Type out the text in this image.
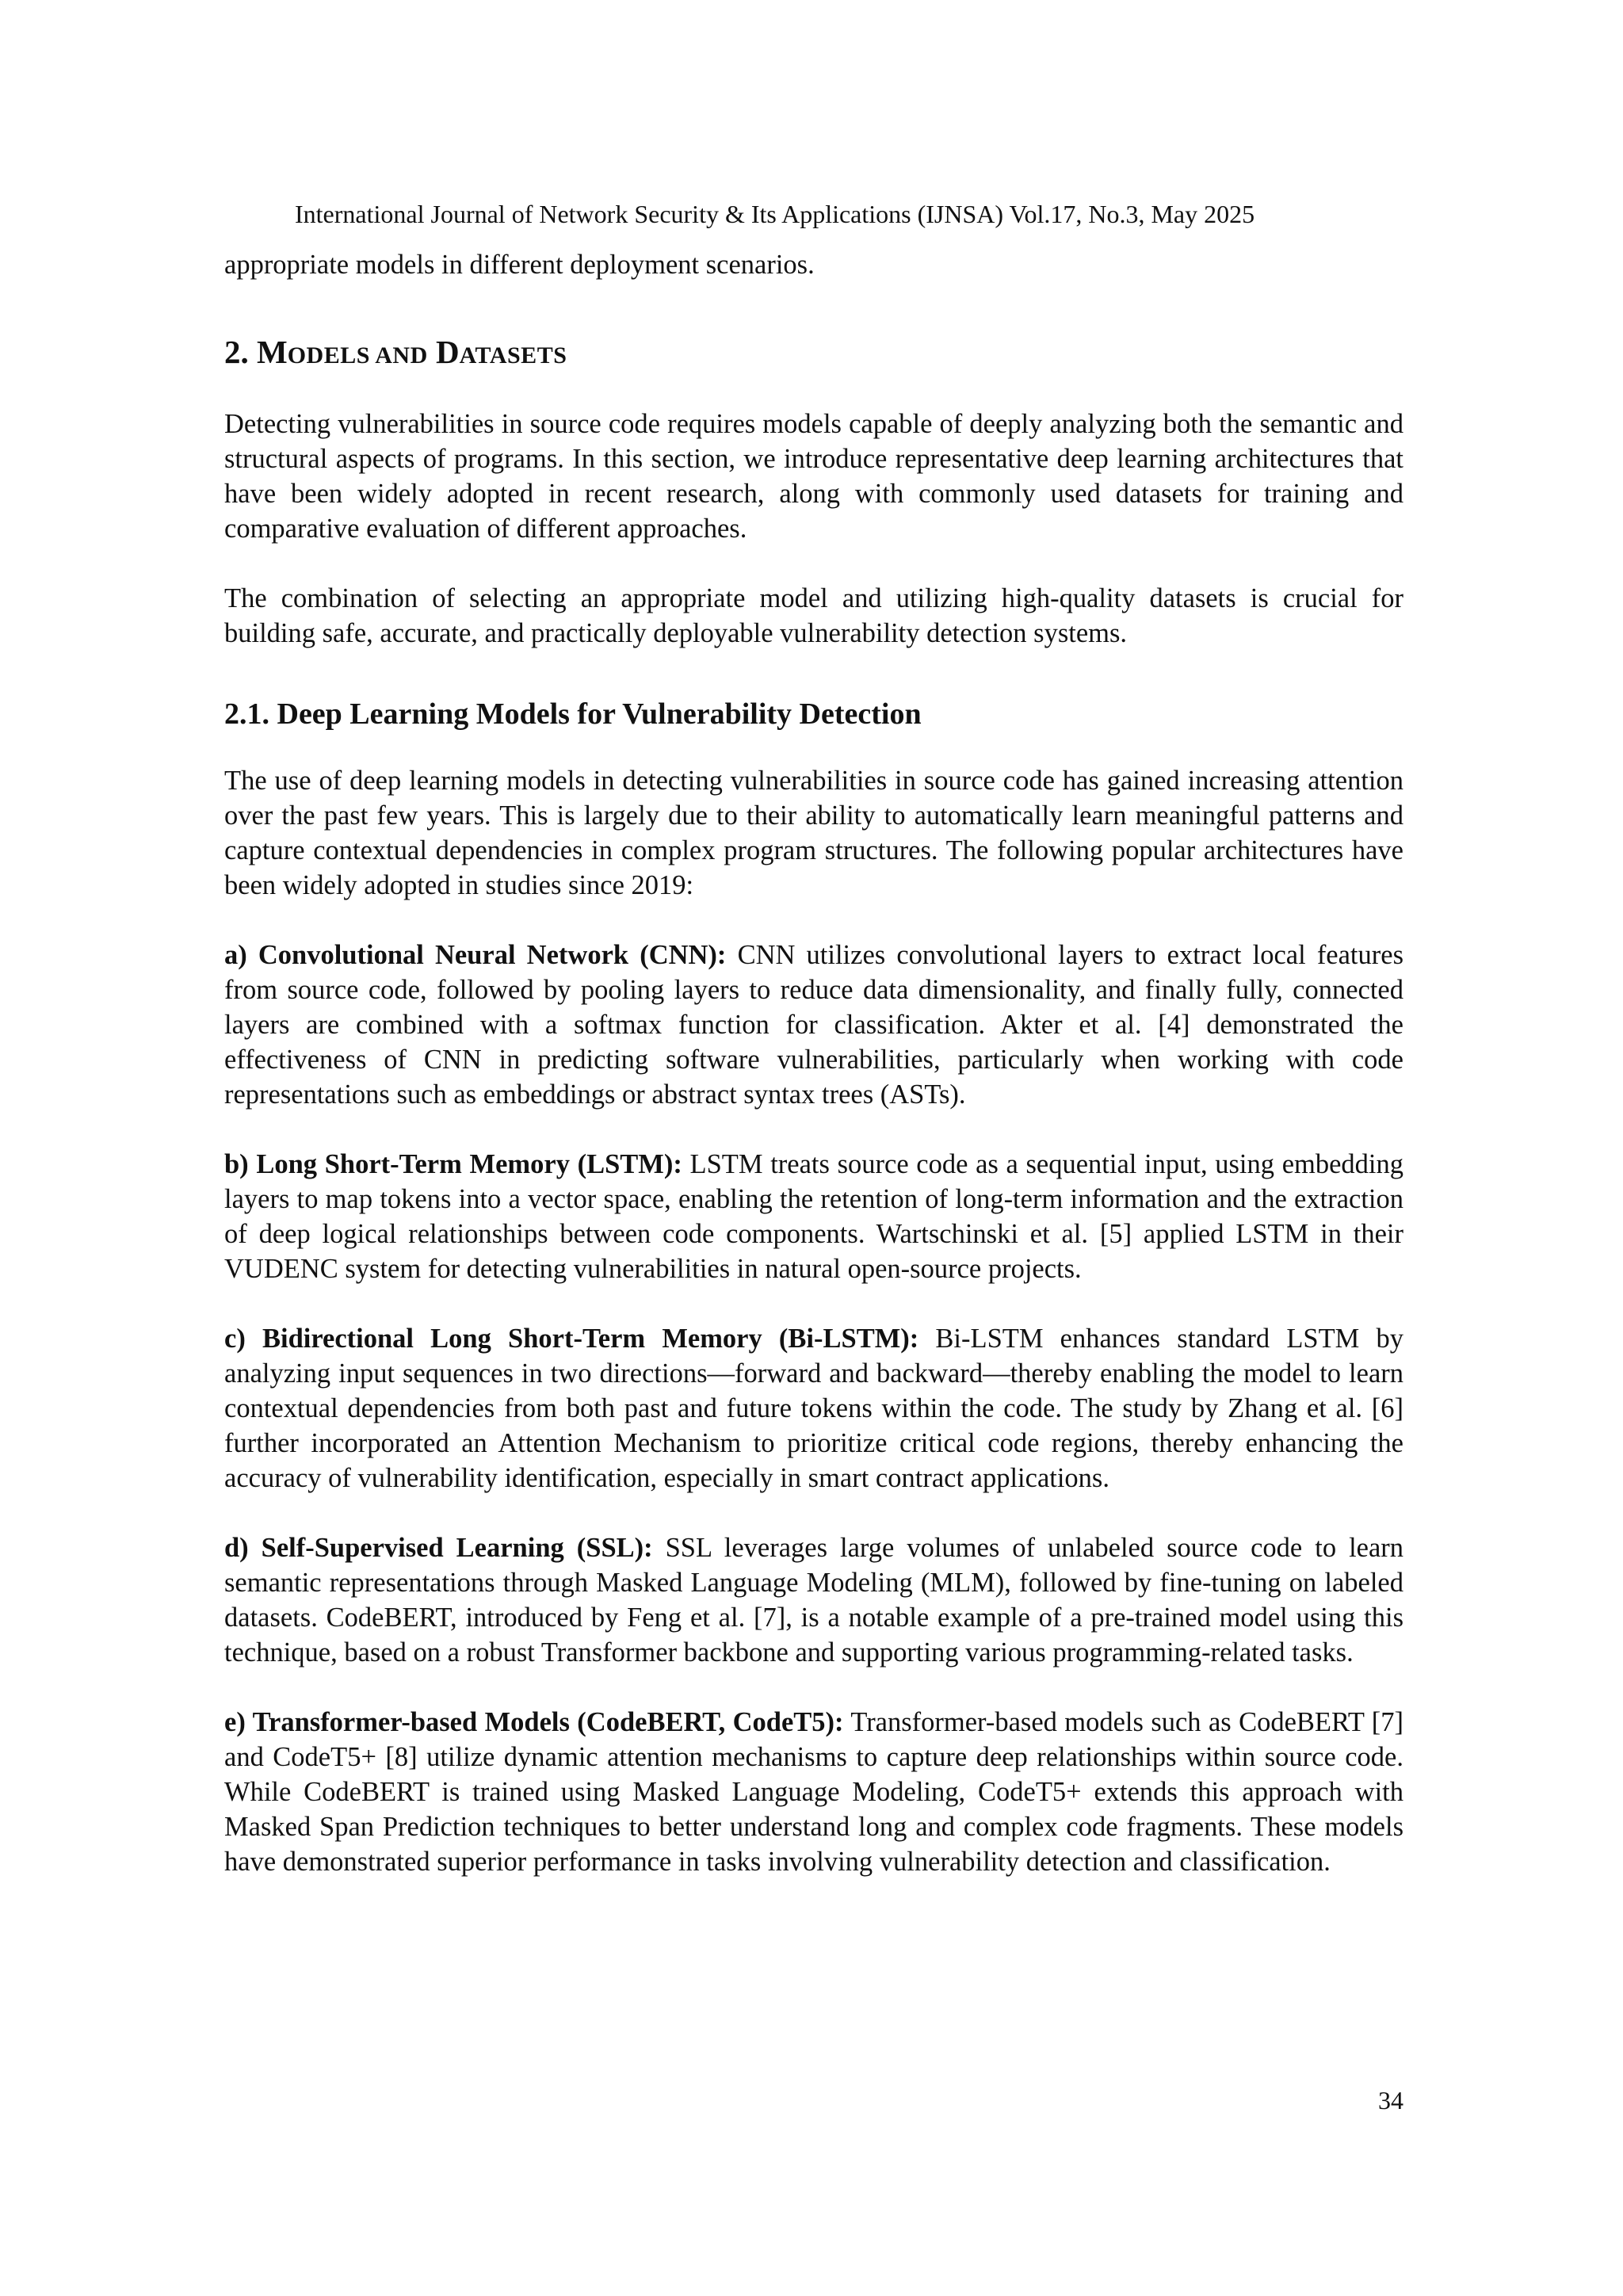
International Journal of Network Security & Its Applications (IJNSA) Vol.17, No.3, May 2025

appropriate models in different deployment scenarios.

2. MODELS AND DATASETS

Detecting vulnerabilities in source code requires models capable of deeply analyzing both the semantic and structural aspects of programs. In this section, we introduce representative deep learning architectures that have been widely adopted in recent research, along with commonly used datasets for training and comparative evaluation of different approaches.

The combination of selecting an appropriate model and utilizing high-quality datasets is crucial for building safe, accurate, and practically deployable vulnerability detection systems.

2.1. Deep Learning Models for Vulnerability Detection

The use of deep learning models in detecting vulnerabilities in source code has gained increasing attention over the past few years. This is largely due to their ability to automatically learn meaningful patterns and capture contextual dependencies in complex program structures. The following popular architectures have been widely adopted in studies since 2019:

a) Convolutional Neural Network (CNN): CNN utilizes convolutional layers to extract local features from source code, followed by pooling layers to reduce data dimensionality, and finally fully, connected layers are combined with a softmax function for classification. Akter et al. [4] demonstrated the effectiveness of CNN in predicting software vulnerabilities, particularly when working with code representations such as embeddings or abstract syntax trees (ASTs).

b) Long Short-Term Memory (LSTM): LSTM treats source code as a sequential input, using embedding layers to map tokens into a vector space, enabling the retention of long-term information and the extraction of deep logical relationships between code components. Wartschinski et al. [5] applied LSTM in their VUDENC system for detecting vulnerabilities in natural open-source projects.

c) Bidirectional Long Short-Term Memory (Bi-LSTM): Bi-LSTM enhances standard LSTM by analyzing input sequences in two directions—forward and backward—thereby enabling the model to learn contextual dependencies from both past and future tokens within the code. The study by Zhang et al. [6] further incorporated an Attention Mechanism to prioritize critical code regions, thereby enhancing the accuracy of vulnerability identification, especially in smart contract applications.

d) Self-Supervised Learning (SSL): SSL leverages large volumes of unlabeled source code to learn semantic representations through Masked Language Modeling (MLM), followed by fine-tuning on labeled datasets. CodeBERT, introduced by Feng et al. [7], is a notable example of a pre-trained model using this technique, based on a robust Transformer backbone and supporting various programming-related tasks.

e) Transformer-based Models (CodeBERT, CodeT5): Transformer-based models such as CodeBERT [7] and CodeT5+ [8] utilize dynamic attention mechanisms to capture deep relationships within source code. While CodeBERT is trained using Masked Language Modeling, CodeT5+ extends this approach with Masked Span Prediction techniques to better understand long and complex code fragments. These models have demonstrated superior performance in tasks involving vulnerability detection and classification.

34
